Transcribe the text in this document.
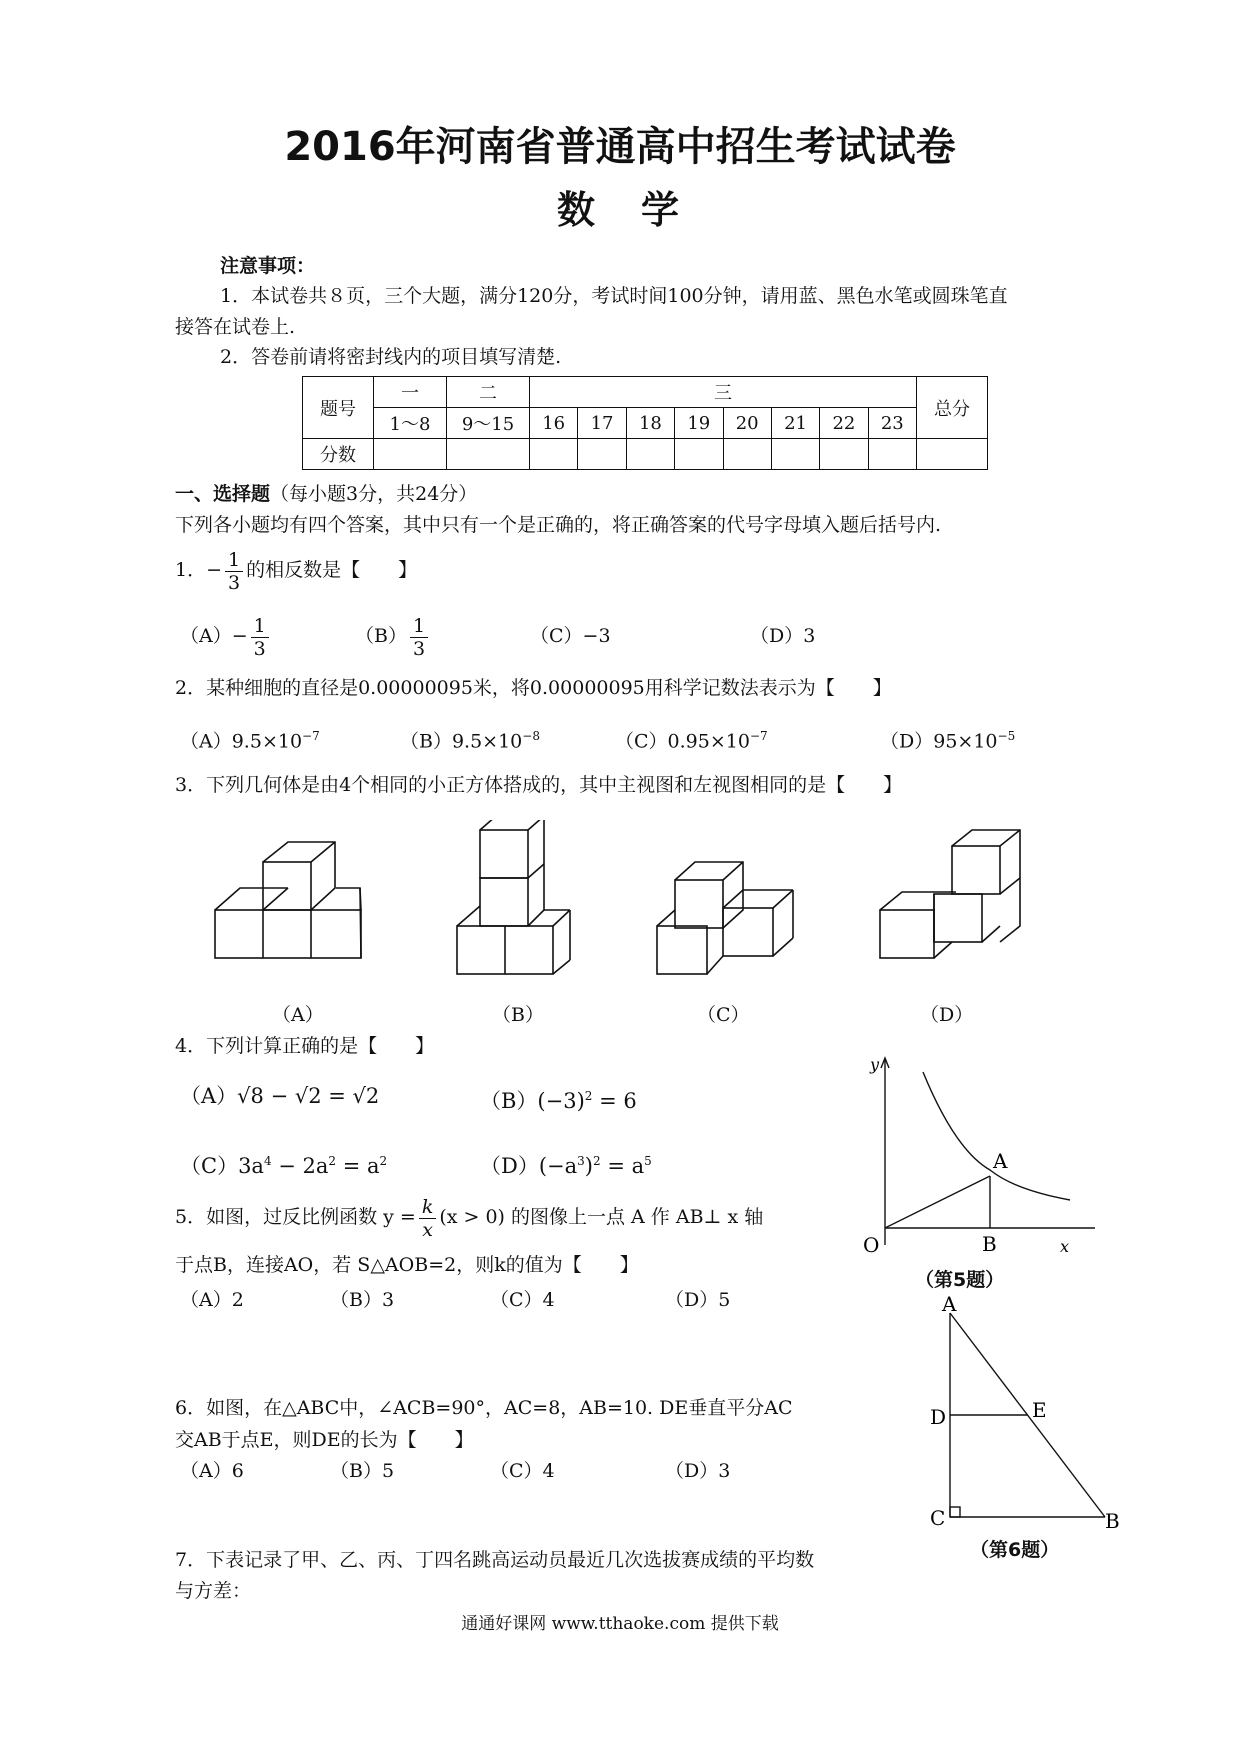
2016年河南省普通高中招生考试试卷
数　学
注意事项：
1．本试卷共８页，三个大题，满分120分，考试时间100分钟，请用蓝、黑色水笔或圆珠笔直
接答在试卷上.
2．答卷前请将密封线内的项目填写清楚.
题号	一	二	三								总分
	1～8	9～15	16	17	18	19	20	21	22	23	
分数											
一、选择题（每小题3分，共24分）
下列各小题均有四个答案，其中只有一个是正确的，将正确答案的代号字母填入题后括号内.
1．− $\frac{1}{3}$ 的相反数是【　　】
$(A)- \frac{1}{3}$	$(B) \frac{1}{3}$	（C）−3	（D）3
2．某种细胞的直径是0.00000095米，将0.00000095用科学记数法表示为【　　】
$(A)9.5\times 10^{-7}$	$(B)9.5\times 10^{-8}$	$(C)0.95\times 10^{-7}$	$(D)95\times 10^{-5}$
3．下列几何体是由4个相同的小正方体搭成的，其中主视图和左视图相同的是【　　】
（A）	（B）	（C）	（D）
4．下列计算正确的是【　　】
（A）√8 − √2 = √2	$(B)(-3)^2 = 6$
$(C)3a^4 - 2a^2 = a^2$	$(D)(-a^3)^2 = a^5$
y
x
O
A
B
（第5题）
5．如图，过反比例函数 $y = \frac{k}{x} (x > 0)$ 的图像上一点 A 作 AB⊥ x 轴
于点B，连接AO，若 S△AOB=2，则k的值为【　　】
（A）2	（B）3	（C）4	（D）5	A
D	E
C	B
（第6题）
6．如图，在△ABC中，∠ACB=90°，AC=8，AB=10. DE垂直平分AC
交AB于点E，则DE的长为【　　】
（A）6	（B）5	（C）4	（D）3
7．下表记录了甲、乙、丙、丁四名跳高运动员最近几次选拔赛成绩的平均数
与方差：
通通好课网 www.tthaoke.com 提供下载
